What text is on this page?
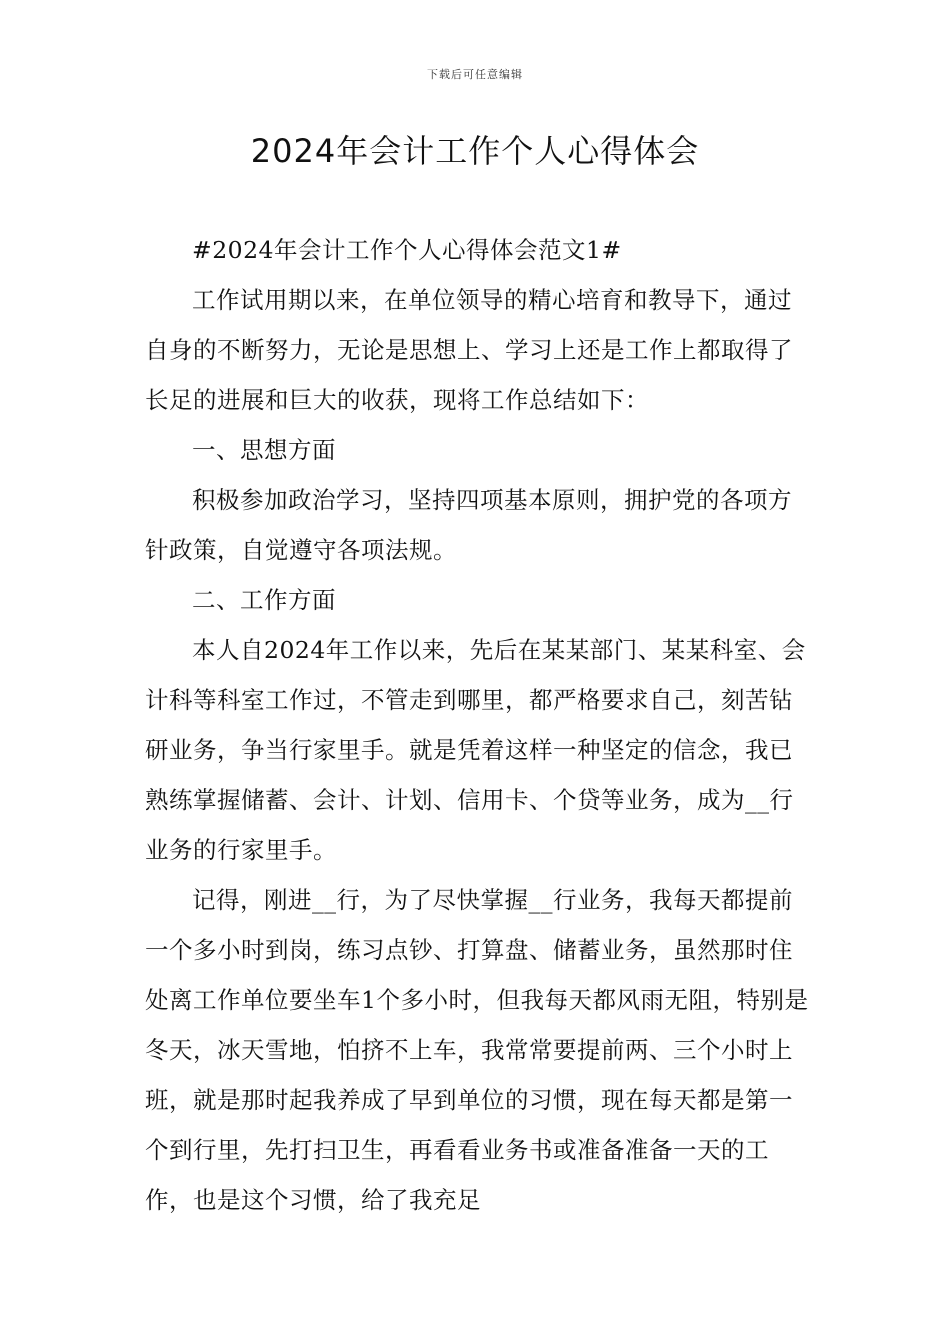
下载后可任意编辑
2024年会计工作个人心得体会

#2024年会计工作个人心得体会范文1#

工作试用期以来，在单位领导的精心培育和教导下，通过自身的不断努力，无论是思想上、学习上还是工作上都取得了长足的进展和巨大的收获，现将工作总结如下：

一、思想方面

积极参加政治学习，坚持四项基本原则，拥护党的各项方针政策，自觉遵守各项法规。

二、工作方面

本人自2024年工作以来，先后在某某部门、某某科室、会计科等科室工作过，不管走到哪里，都严格要求自己，刻苦钻研业务，争当行家里手。就是凭着这样一种坚定的信念，我已熟练掌握储蓄、会计、计划、信用卡、个贷等业务，成为__行业务的行家里手。

记得，刚进__行，为了尽快掌握__行业务，我每天都提前一个多小时到岗，练习点钞、打算盘、储蓄业务，虽然那时住处离工作单位要坐车1个多小时，但我每天都风雨无阻，特别是冬天，冰天雪地，怕挤不上车，我常常要提前两、三个小时上班，就是那时起我养成了早到单位的习惯，现在每天都是第一个到行里，先打扫卫生，再看看业务书或准备准备一天的工作，也是这个习惯，给了我充足
